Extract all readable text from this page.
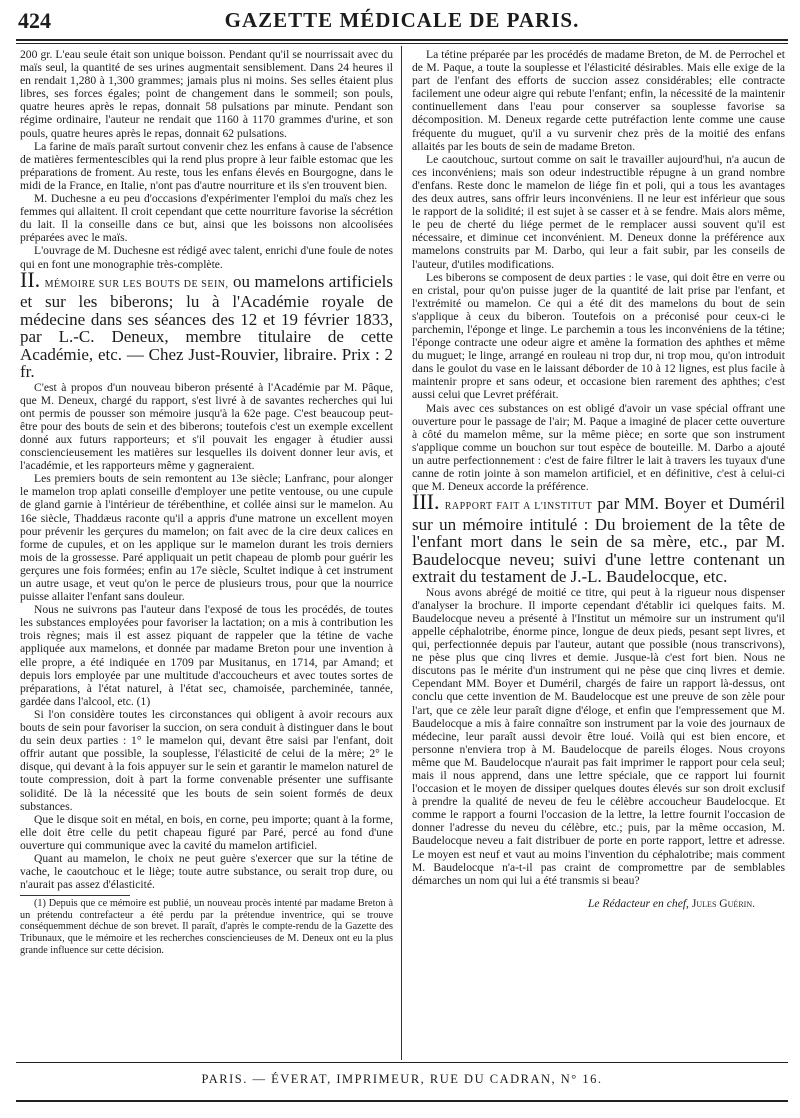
424	GAZETTE MÉDICALE DE PARIS.

200 gr. L'eau seule était son unique boisson. Pendant qu'il se nourrissait avec du maïs seul, la quantité de ses urines augmentait sensiblement. Dans 24 heures il en rendait 1,280 à 1,300 grammes; jamais plus ni moins. Ses selles étaient plus libres, ses forces égales; point de changement dans le sommeil; son pouls, quatre heures après le repas, donnait 58 pulsations par minute. Pendant son régime ordinaire, l'auteur ne rendait que 1160 à 1170 grammes d'urine, et son pouls, quatre heures après le repas, donnait 62 pulsations.

La farine de maïs paraît surtout convenir chez les enfans à cause de l'absence de matières fermentescibles qui la rend plus propre à leur faible estomac que les préparations de froment. Au reste, tous les enfans élevés en Bourgogne, dans le midi de la France, en Italie, n'ont pas d'autre nourriture et ils s'en trouvent bien.

M. Duchesne a eu peu d'occasions d'expérimenter l'emploi du maïs chez les femmes qui allaitent. Il croit cependant que cette nourriture favorise la sécrétion du lait. Il la conseille dans ce but, ainsi que les boissons non alcoolisées préparées avec le maïs.

L'ouvrage de M. Duchesne est rédigé avec talent, enrichi d'une foule de notes qui en font une monographie très-complète.

II. MÉMOIRE SUR LES BOUTS DE SEIN, ou mamelons artificiels et sur les biberons; lu à l'Académie royale de médecine dans ses séances des 12 et 19 février 1833, par L.-C. Deneux, membre titulaire de cette Académie, etc. — Chez Just-Rouvier, libraire. Prix : 2 fr.

C'est à propos d'un nouveau biberon présenté à l'Académie par M. Pâque, que M. Deneux, chargé du rapport, s'est livré à de savantes recherches qui lui ont permis de pousser son mémoire jusqu'à la 62e page. C'est beaucoup peut-être pour des bouts de sein et des biberons; toutefois c'est un exemple excellent donné aux futurs rapporteurs; et s'il pouvait les engager à étudier aussi consciencieusement les matières sur lesquelles ils doivent donner leur avis, et l'académie, et les rapporteurs même y gagneraient.

Les premiers bouts de sein remontent au 13e siècle; Lanfranc, pour alonger le mamelon trop aplati conseille d'employer une petite ventouse, ou une cupule de gland garnie à l'intérieur de térébenthine, et collée ainsi sur le mamelon. Au 16e siècle, Thaddæus raconte qu'il a appris d'une matrone un excellent moyen pour prévenir les gerçures du mamelon; on fait avec de la cire deux calices en forme de cupules, et on les applique sur le mamelon durant les trois derniers mois de la grossesse. Paré appliquait un petit chapeau de plomb pour guérir les gerçures une fois formées; enfin au 17e siècle, Scultet indique à cet instrument un autre usage, et veut qu'on le perce de plusieurs trous, pour que la nourrice puisse allaiter l'enfant sans douleur.

Nous ne suivrons pas l'auteur dans l'exposé de tous les procédés, de toutes les substances employées pour favoriser la lactation; on a mis à contribution les trois règnes; mais il est assez piquant de rappeler que la tétine de vache appliquée aux mamelons, et donnée par madame Breton pour une invention à elle propre, a été indiquée en 1709 par Musitanus, en 1714, par Amand; et depuis lors employée par une multitude d'accoucheurs et avec toutes sortes de préparations, à l'état naturel, à l'état sec, chamoisée, parcheminée, tannée, gardée dans l'alcool, etc. (1)

Si l'on considère toutes les circonstances qui obligent à avoir recours aux bouts de sein pour favoriser la succion, on sera conduit à distinguer dans le bout du sein deux parties : 1° le mamelon qui, devant être saisi par l'enfant, doit offrir autant que possible, la souplesse, l'élasticité de celui de la mère; 2° le disque, qui devant à la fois appuyer sur le sein et garantir le mamelon naturel de toute compression, doit à part la forme convenable présenter une suffisante solidité. De là la nécessité que les bouts de sein soient formés de deux substances.

Que le disque soit en métal, en bois, en corne, peu importe; quant à la forme, elle doit être celle du petit chapeau figuré par Paré, percé au fond d'une ouverture qui communique avec la cavité du mamelon artificiel.

Quant au mamelon, le choix ne peut guère s'exercer que sur la tétine de vache, le caoutchouc et le liège; toute autre substance, ou serait trop dure, ou n'aurait pas assez d'élasticité.

(1) Depuis que ce mémoire est publié, un nouveau procès intenté par madame Breton à un prétendu contrefacteur a été perdu par la prétendue inventrice, qui se trouve conséquemment déchue de son brevet. Il paraît, d'après le compte-rendu de la Gazette des Tribunaux, que le mémoire et les recherches consciencieuses de M. Deneux ont eu la plus grande influence sur cette décision.

La tétine préparée par les procédés de madame Breton, de M. de Perrochel et de M. Paque, a toute la souplesse et l'élasticité désirables. Mais elle exige de la part de l'enfant des efforts de succion assez considérables; elle contracte facilement une odeur aigre qui rebute l'enfant; enfin, la nécessité de la maintenir continuellement dans l'eau pour conserver sa souplesse favorise sa décomposition. M. Deneux regarde cette putréfaction lente comme une cause fréquente du muguet, qu'il a vu survenir chez près de la moitié des enfans allaités par les bouts de sein de madame Breton.

Le caoutchouc, surtout comme on sait le travailler aujourd'hui, n'a aucun de ces inconvéniens; mais son odeur indestructible répugne à un grand nombre d'enfans. Reste donc le mamelon de liége fin et poli, qui a tous les avantages des deux autres, sans offrir leurs inconvéniens. Il ne leur est inférieur que sous le rapport de la solidité; il est sujet à se casser et à se fendre. Mais alors même, le peu de cherté du liége permet de le remplacer aussi souvent qu'il est nécessaire, et diminue cet inconvénient. M. Deneux donne la préférence aux mamelons construits par M. Darbo, qui leur a fait subir, par les conseils de l'auteur, d'utiles modifications.

Les biberons se composent de deux parties : le vase, qui doit être en verre ou en cristal, pour qu'on puisse juger de la quantité de lait prise par l'enfant, et l'extrémité ou mamelon. Ce qui a été dit des mamelons du bout de sein s'applique à ceux du biberon. Toutefois on a préconisé pour ceux-ci le parchemin, l'éponge et linge. Le parchemin a tous les inconvéniens de la tétine; l'éponge contracte une odeur aigre et amène la formation des aphthes et même du muguet; le linge, arrangé en rouleau ni trop dur, ni trop mou, qu'on introduit dans le goulot du vase en le laissant déborder de 10 à 12 lignes, est plus facile à maintenir propre et sans odeur, et occasione bien rarement des aphthes; c'est aussi celui que Levret préférait.

Mais avec ces substances on est obligé d'avoir un vase spécial offrant une ouverture pour le passage de l'air; M. Paque a imaginé de placer cette ouverture à côté du mamelon même, sur la même pièce; en sorte que son instrument s'applique comme un bouchon sur tout espèce de bouteille. M. Darbo a ajouté un autre perfectionnement : c'est de faire filtrer le lait à travers les tuyaux d'une canne de rotin jointe à son mamelon artificiel, et en définitive, c'est à celui-ci que M. Deneux accorde la préférence.

III. RAPPORT FAIT A L'INSTITUT par MM. Boyer et Duméril sur un mémoire intitulé : Du broiement de la tête de l'enfant mort dans le sein de sa mère, etc., par M. Baudelocque neveu; suivi d'une lettre contenant un extrait du testament de J.-L. Baudelocque, etc.

Nous avons abrégé de moitié ce titre, qui peut à la rigueur nous dispenser d'analyser la brochure. Il importe cependant d'établir ici quelques faits. M. Baudelocque neveu a présenté à l'Institut un mémoire sur un instrument qu'il appelle céphalotribe, énorme pince, longue de deux pieds, pesant sept livres, et qui, perfectionnée depuis par l'auteur, autant que possible (nous transcrivons), ne pèse plus que cinq livres et demie. Jusque-là c'est fort bien. Nous ne discutons pas le mérite d'un instrument qui ne pèse que cinq livres et demie. Cependant MM. Boyer et Duméril, chargés de faire un rapport là-dessus, ont conclu que cette invention de M. Baudelocque est une preuve de son zèle pour l'art, que ce zèle leur paraît digne d'éloge, et enfin que l'empressement que M. Baudelocque a mis à faire connaître son instrument par la voie des journaux de médecine, leur paraît aussi devoir être loué. Voilà qui est bien encore, et personne n'enviera trop à M. Baudelocque de pareils éloges. Nous croyons même que M. Baudelocque n'aurait pas fait imprimer le rapport pour cela seul; mais il nous apprend, dans une lettre spéciale, que ce rapport lui fournit l'occasion et le moyen de dissiper quelques doutes élevés sur son droit exclusif à prendre la qualité de neveu de feu le célèbre accoucheur Baudelocque. Et comme le rapport a fourni l'occasion de la lettre, la lettre fournit l'occasion de donner l'adresse du neveu du célèbre, etc.; puis, par la même occasion, M. Baudelocque neveu a fait distribuer de porte en porte rapport, lettre et adresse. Le moyen est neuf et vaut au moins l'invention du céphalotribe; mais comment M. Baudelocque n'a-t-il pas craint de compromettre par de semblables démarches un nom qui lui a été transmis si beau?

Le Rédacteur en chef, Jules Guérin.
PARIS. — ÉVERAT, IMPRIMEUR, RUE DU CADRAN, N° 16.
